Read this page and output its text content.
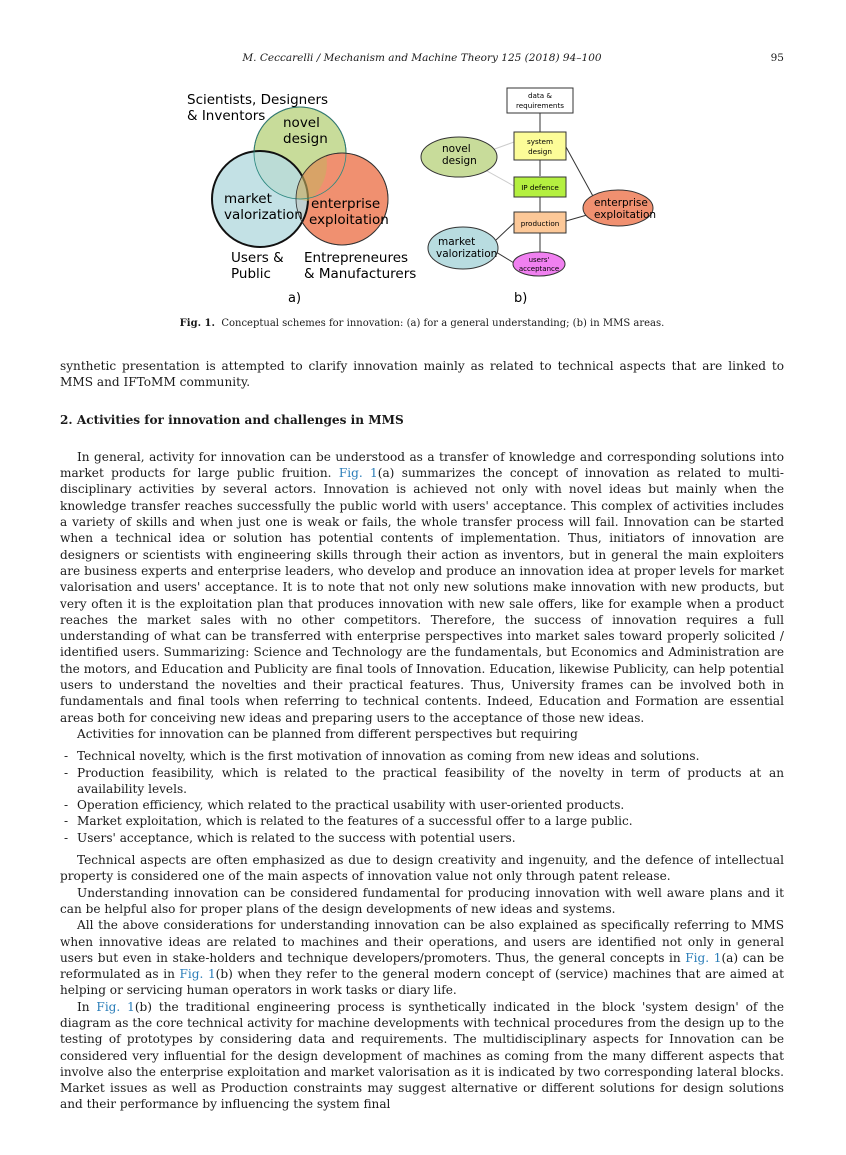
M. Ceccarelli / Mechanism and Machine Theory 125 (2018) 94–100	95
Scientists, Designers
& Inventors novel
design
market
valorization
enterprise
exploitation
Users &
Public
Entrepreneures
& Manufacturers
a)
data &
requirements
system
design
IP defence
production
users'
acceptance
novel
design
market
valorization
enterprise
exploitation
b)
Fig. 1. Conceptual schemes for innovation: (a) for a general understanding; (b) in MMS areas.

synthetic presentation is attempted to clarify innovation mainly as related to technical aspects that are linked to MMS and IFToMM community.

2. Activities for innovation and challenges in MMS

In general, activity for innovation can be understood as a transfer of knowledge and corresponding solutions into market products for large public fruition. Fig. 1(a) summarizes the concept of innovation as related to multi-disciplinary activities by several actors. Innovation is achieved not only with novel ideas but mainly when the knowledge transfer reaches successfully the public world with users' acceptance. This complex of activities includes a variety of skills and when just one is weak or fails, the whole transfer process will fail. Innovation can be started when a technical idea or solution has potential contents of implementation. Thus, initiators of innovation are designers or scientists with engineering skills through their action as inventors, but in general the main exploiters are business experts and enterprise leaders, who develop and produce an innovation idea at proper levels for market valorisation and users' acceptance. It is to note that not only new solutions make innovation with new products, but very often it is the exploitation plan that produces innovation with new sale offers, like for example when a product reaches the market sales with no other competitors. Therefore, the success of innovation requires a full understanding of what can be transferred with enterprise perspectives into market sales toward properly solicited / identified users. Summarizing: Science and Technology are the fundamentals, but Economics and Administration are the motors, and Education and Publicity are final tools of Innovation. Education, likewise Publicity, can help potential users to understand the novelties and their practical features. Thus, University frames can be involved both in fundamentals and final tools when referring to technical contents. Indeed, Education and Formation are essential areas both for conceiving new ideas and preparing users to the acceptance of those new ideas.

Activities for innovation can be planned from different perspectives but requiring

- Technical novelty, which is the first motivation of innovation as coming from new ideas and solutions.
- Production feasibility, which is related to the practical feasibility of the novelty in term of products at an availability levels.
- Operation efficiency, which related to the practical usability with user-oriented products.
- Market exploitation, which is related to the features of a successful offer to a large public.
- Users' acceptance, which is related to the success with potential users.

Technical aspects are often emphasized as due to design creativity and ingenuity, and the defence of intellectual property is considered one of the main aspects of innovation value not only through patent release.

Understanding innovation can be considered fundamental for producing innovation with well aware plans and it can be helpful also for proper plans of the design developments of new ideas and systems.

All the above considerations for understanding innovation can be also explained as specifically referring to MMS when innovative ideas are related to machines and their operations, and users are identified not only in general users but even in stake-holders and technique developers/promoters. Thus, the general concepts in Fig. 1(a) can be reformulated as in Fig. 1(b) when they refer to the general modern concept of (service) machines that are aimed at helping or servicing human operators in work tasks or diary life.

In Fig. 1(b) the traditional engineering process is synthetically indicated in the block 'system design' of the diagram as the core technical activity for machine developments with technical procedures from the design up to the testing of prototypes by considering data and requirements. The multidisciplinary aspects for Innovation can be considered very influential for the design development of machines as coming from the many different aspects that involve also the enterprise exploitation and market valorisation as it is indicated by two corresponding lateral blocks. Market issues as well as Production constraints may suggest alternative or different solutions for design solutions and their performance by influencing the system final
